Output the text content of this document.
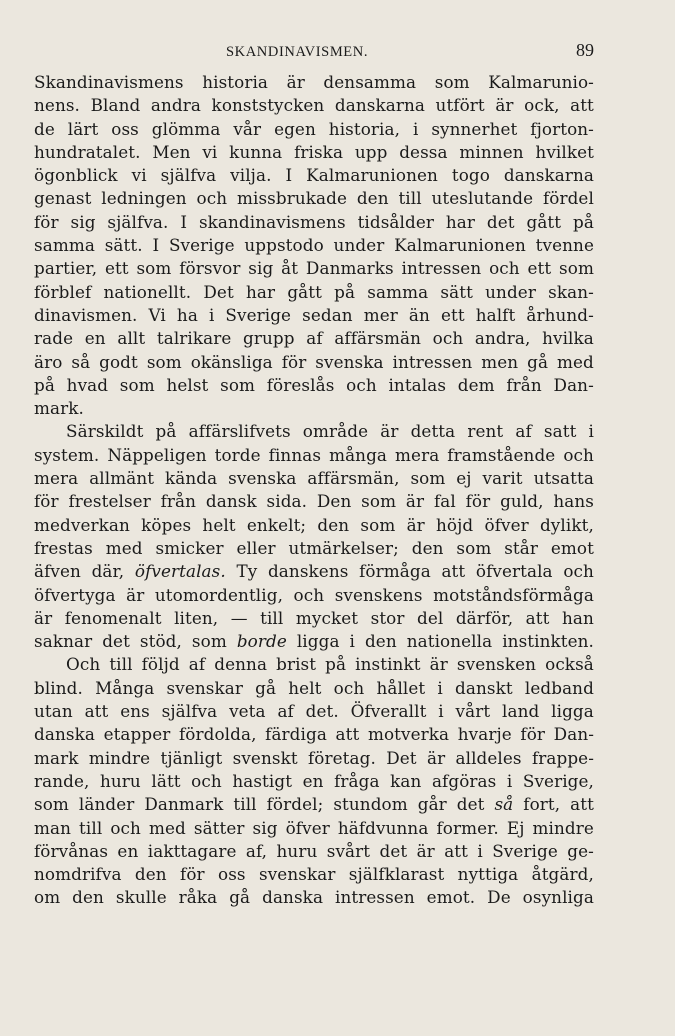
SKANDINAVISMEN.	89
Skandinavismens historia är densamma som Kalmarunio-
nens. Bland andra konststycken danskarna utfört är ock, att
de lärt oss glömma vår egen historia, i synnerhet fjorton-
hundratalet. Men vi kunna friska upp dessa minnen hvilket
ögonblick vi själfva vilja. I Kalmarunionen togo danskarna
genast ledningen och missbrukade den till uteslutande fördel
för sig själfva. I skandinavismens tidsålder har det gått på
samma sätt. I Sverige uppstodo under Kalmarunionen tvenne
partier, ett som försvor sig åt Danmarks intressen och ett som
förblef nationellt. Det har gått på samma sätt under skan-
dinavismen. Vi ha i Sverige sedan mer än ett halft århund-
rade en allt talrikare grupp af affärsmän och andra, hvilka
äro så godt som okänsliga för svenska intressen men gå med
på hvad som helst som föreslås och intalas dem från Dan-
mark.
Särskildt på affärslifvets område är detta rent af satt i
system. Näppeligen torde finnas många mera framstående och
mera allmänt kända svenska affärsmän, som ej varit utsatta
för frestelser från dansk sida. Den som är fal för guld, hans
medverkan köpes helt enkelt; den som är höjd öfver dylikt,
frestas med smicker eller utmärkelser; den som står emot
äfven där, öfvertalas. Ty danskens förmåga att öfvertala och
öfvertyga är utomordentlig, och svenskens motståndsförmåga
är fenomenalt liten, — till mycket stor del därför, att han
saknar det stöd, som borde ligga i den nationella instinkten.
Och till följd af denna brist på instinkt är svensken också
blind. Många svenskar gå helt och hållet i danskt ledband
utan att ens själfva veta af det. Öfverallt i vårt land ligga
danska etapper fördolda, färdiga att motverka hvarje för Dan-
mark mindre tjänligt svenskt företag. Det är alldeles frappe-
rande, huru lätt och hastigt en fråga kan afgöras i Sverige,
som länder Danmark till fördel; stundom går det så fort, att
man till och med sätter sig öfver häfdvunna former. Ej mindre
förvånas en iakttagare af, huru svårt det är att i Sverige ge-
nomdrifva den för oss svenskar själfklarast nyttiga åtgärd,
om den skulle råka gå danska intressen emot. De osynliga
